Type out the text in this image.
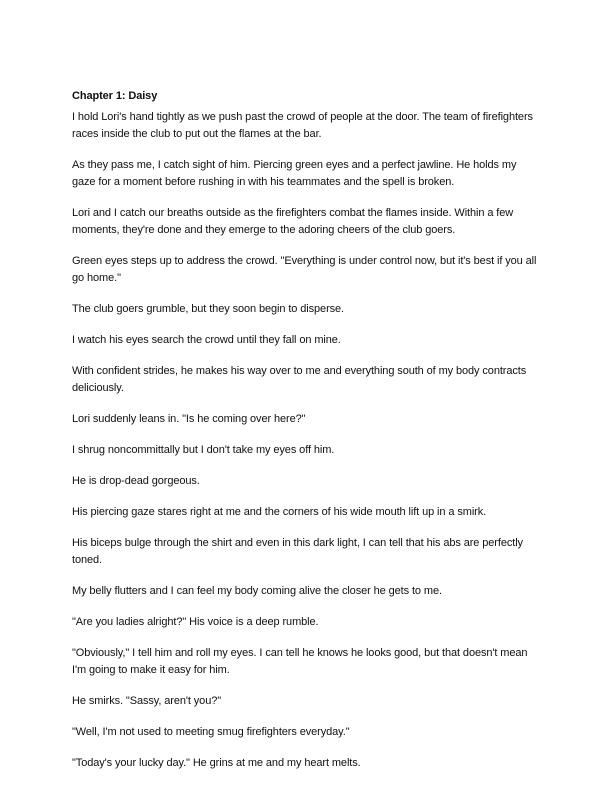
Chapter 1: Daisy

I hold Lori's hand tightly as we push past the crowd of people at the door. The team of firefighters races inside the club to put out the flames at the bar.

As they pass me, I catch sight of him. Piercing green eyes and a perfect jawline. He holds my gaze for a moment before rushing in with his teammates and the spell is broken.

Lori and I catch our breaths outside as the firefighters combat the flames inside. Within a few moments, they're done and they emerge to the adoring cheers of the club goers.

Green eyes steps up to address the crowd. "Everything is under control now, but it's best if you all go home."

The club goers grumble, but they soon begin to disperse.

I watch his eyes search the crowd until they fall on mine.

With confident strides, he makes his way over to me and everything south of my body contracts deliciously.

Lori suddenly leans in. "Is he coming over here?"

I shrug noncommittally but I don't take my eyes off him.

He is drop-dead gorgeous.

His piercing gaze stares right at me and the corners of his wide mouth lift up in a smirk.

His biceps bulge through the shirt and even in this dark light, I can tell that his abs are perfectly toned.

My belly flutters and I can feel my body coming alive the closer he gets to me.

"Are you ladies alright?" His voice is a deep rumble.

"Obviously," I tell him and roll my eyes. I can tell he knows he looks good, but that doesn't mean I'm going to make it easy for him.

He smirks. "Sassy, aren't you?"

"Well, I'm not used to meeting smug firefighters everyday."

"Today's your lucky day." He grins at me and my heart melts.
